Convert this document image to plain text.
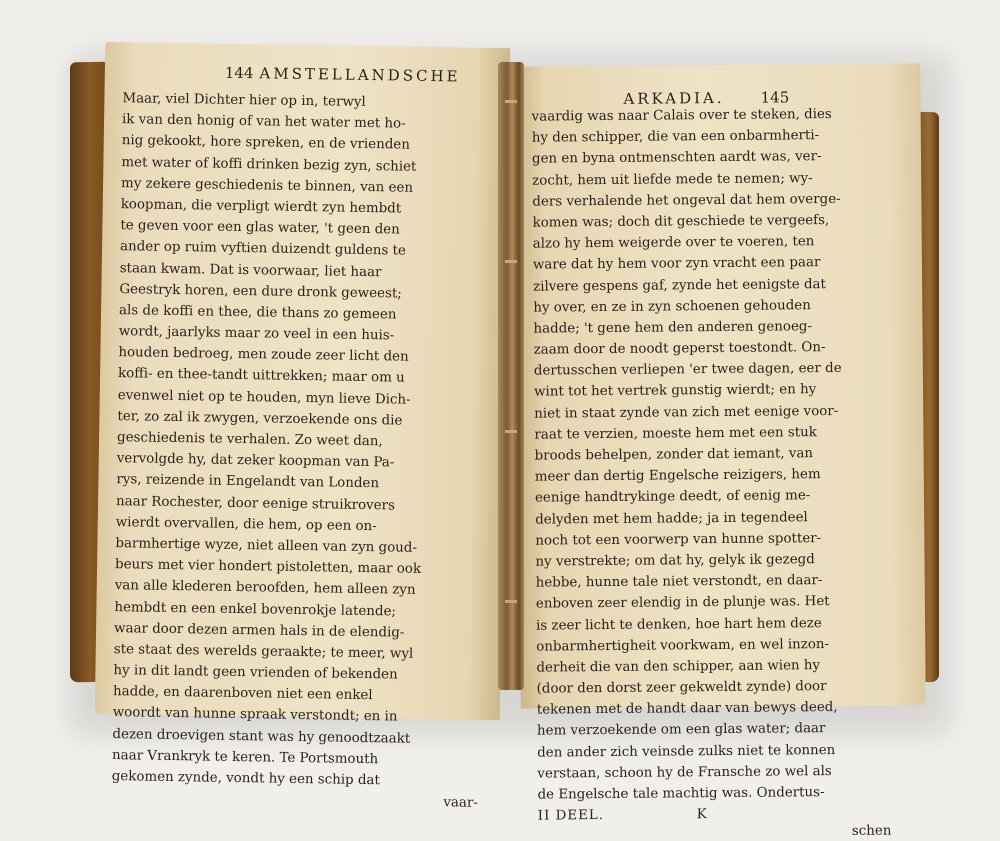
144 AMSTELLANDSCHE
Maar, viel Dichter hier op in, terwyl
ik van den honig of van het water met ho-
nig gekookt, hore spreken, en de vrienden
met water of koffi drinken bezig zyn, schiet
my zekere geschiedenis te binnen, van een
koopman, die verpligt wierdt zyn hembdt
te geven voor een glas water, 't geen den
ander op ruim vyftien duizendt guldens te
staan kwam. Dat is voorwaar, liet haar
Geestryk horen, een dure dronk geweest;
als de koffi en thee, die thans zo gemeen
wordt, jaarlyks maar zo veel in een huis-
houden bedroeg, men zoude zeer licht den
koffi- en thee-tandt uittrekken; maar om u
evenwel niet op te houden, myn lieve Dich-
ter, zo zal ik zwygen, verzoekende ons die
geschiedenis te verhalen. Zo weet dan,
vervolgde hy, dat zeker koopman van Pa-
rys, reizende in Engelandt van Londen
naar Rochester, door eenige struikrovers
wierdt overvallen, die hem, op een on-
barmhertige wyze, niet alleen van zyn goud-
beurs met vier hondert pistoletten, maar ook
van alle klederen beroofden, hem alleen zyn
hembdt en een enkel bovenrokje latende;
waar door dezen armen hals in de elendig-
ste staat des werelds geraakte; te meer, wyl
hy in dit landt geen vrienden of bekenden
hadde, en daarenboven niet een enkel
woordt van hunne spraak verstondt; en in
dezen droevigen stant was hy genoodtzaakt
naar Vrankryk te keren. Te Portsmouth
gekomen zynde, vondt hy een schip dat
vaar-
ARKADIA. 145
vaardig was naar Calais over te steken, dies
hy den schipper, die van een onbarmherti-
gen en byna ontmenschten aardt was, ver-
zocht, hem uit liefde mede te nemen; wy-
ders verhalende het ongeval dat hem overge-
komen was; doch dit geschiede te vergeefs,
alzo hy hem weigerde over te voeren, ten
ware dat hy hem voor zyn vracht een paar
zilvere gespens gaf, zynde het eenigste dat
hy over, en ze in zyn schoenen gehouden
hadde; 't gene hem den anderen genoeg-
zaam door de noodt geperst toestondt. On-
dertusschen verliepen 'er twee dagen, eer de
wint tot het vertrek gunstig wierdt; en hy
niet in staat zynde van zich met eenige voor-
raat te verzien, moeste hem met een stuk
broods behelpen, zonder dat iemant, van
meer dan dertig Engelsche reizigers, hem
eenige handtrykinge deedt, of eenig me-
delyden met hem hadde; ja in tegendeel
noch tot een voorwerp van hunne spotter-
ny verstrekte; om dat hy, gelyk ik gezegd
hebbe, hunne tale niet verstondt, en daar-
enboven zeer elendig in de plunje was. Het
is zeer licht te denken, hoe hart hem deze
onbarmhertigheit voorkwam, en wel inzon-
derheit die van den schipper, aan wien hy
(door den dorst zeer gekweldt zynde) door
tekenen met de handt daar van bewys deed,
hem verzoekende om een glas water; daar
den ander zich veinsde zulks niet te konnen
verstaan, schoon hy de Fransche zo wel als
de Engelsche tale machtig was. Ondertus-
II DEEL.	K
schen
